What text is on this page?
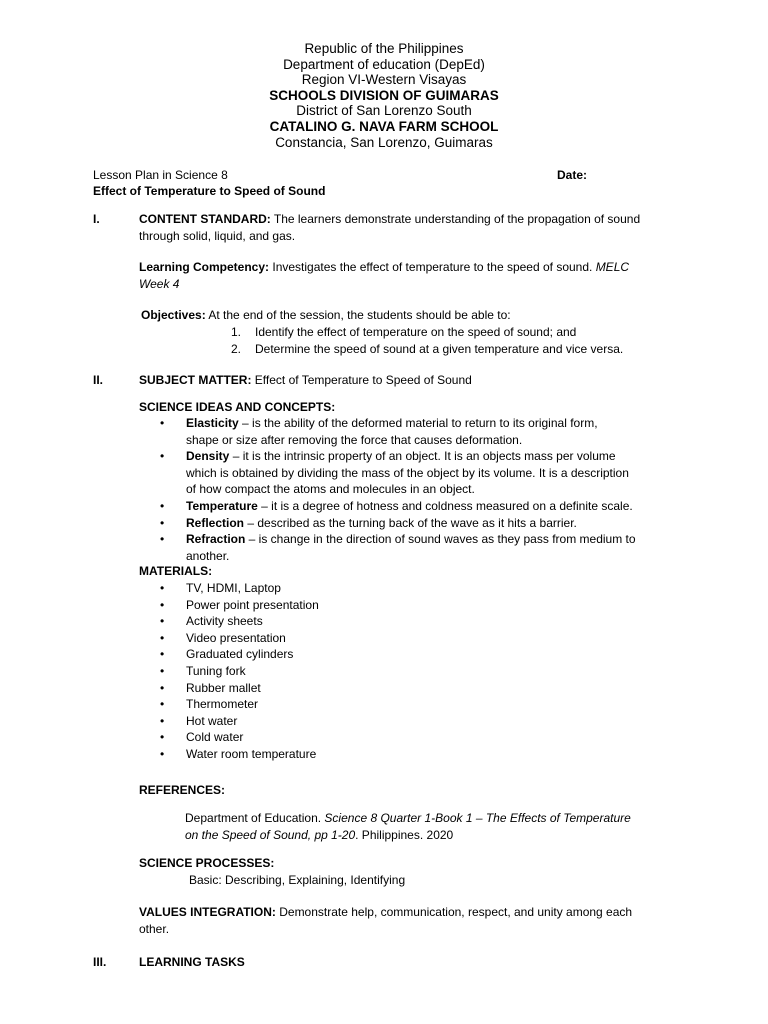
Republic of the Philippines
Department of education (DepEd)
Region VI-Western Visayas
SCHOOLS DIVISION OF GUIMARAS
District of San Lorenzo South
CATALINO G. NAVA FARM SCHOOL
Constancia, San Lorenzo, Guimaras
Lesson Plan in Science 8	Date:
Effect of Temperature to Speed of Sound
I.	CONTENT STANDARD: The learners demonstrate understanding of the propagation of sound
through solid, liquid, and gas.
Learning Competency: Investigates the effect of temperature to the speed of sound. MELC
Week 4
Objectives: At the end of the session, the students should be able to:
1. Identify the effect of temperature on the speed of sound; and
2. Determine the speed of sound at a given temperature and vice versa.
II.	SUBJECT MATTER: Effect of Temperature to Speed of Sound
SCIENCE IDEAS AND CONCEPTS:
• Elasticity – is the ability of the deformed material to return to its original form,
shape or size after removing the force that causes deformation.
• Density – it is the intrinsic property of an object. It is an objects mass per volume
which is obtained by dividing the mass of the object by its volume. It is a description
of how compact the atoms and molecules in an object.
• Temperature – it is a degree of hotness and coldness measured on a definite scale.
• Reflection – described as the turning back of the wave as it hits a barrier.
• Refraction – is change in the direction of sound waves as they pass from medium to
another.
MATERIALS:
• TV, HDMI, Laptop
• Power point presentation
• Activity sheets
• Video presentation
• Graduated cylinders
• Tuning fork
• Rubber mallet
• Thermometer
• Hot water
• Cold water
• Water room temperature
REFERENCES:
Department of Education. Science 8 Quarter 1-Book 1 – The Effects of Temperature
on the Speed of Sound, pp 1-20. Philippines. 2020
SCIENCE PROCESSES:
Basic: Describing, Explaining, Identifying
VALUES INTEGRATION: Demonstrate help, communication, respect, and unity among each
other.
III.	LEARNING TASKS
